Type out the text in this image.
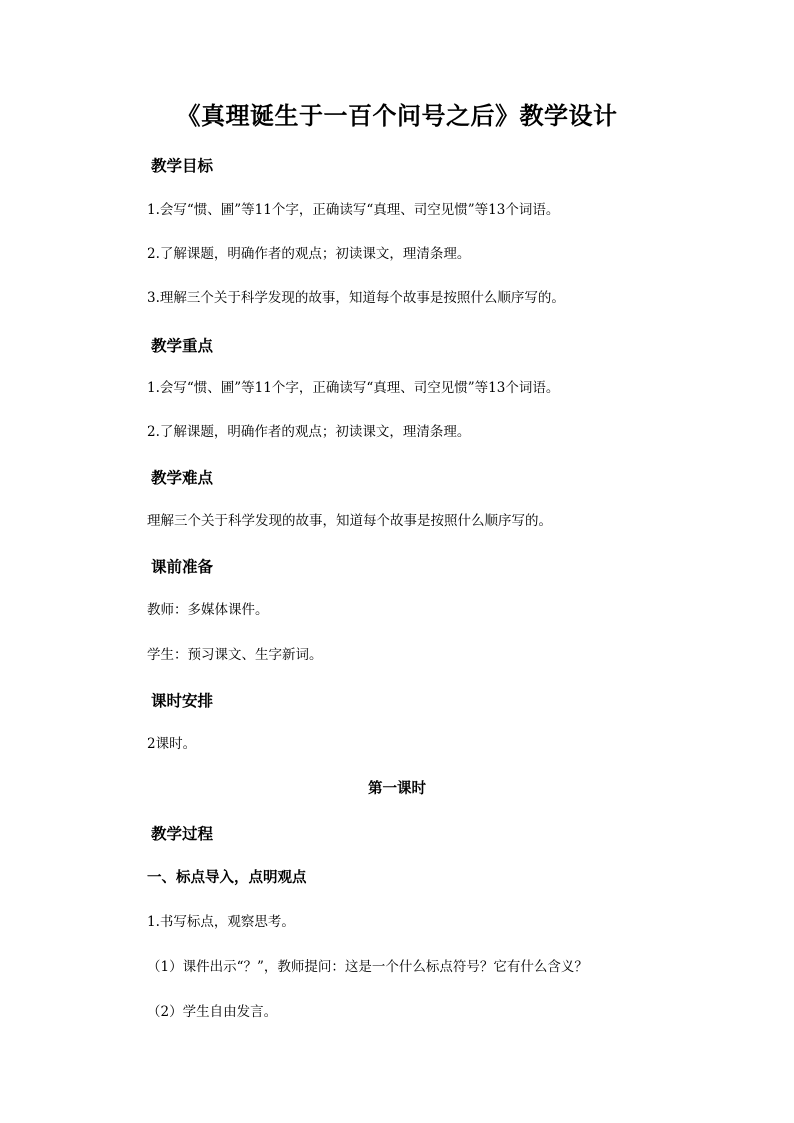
《真理诞生于一百个问号之后》教学设计
教学目标
1.会写“惯、圃”等11个字，正确读写“真理、司空见惯”等13个词语。
2.了解课题，明确作者的观点；初读课文，理清条理。
3.理解三个关于科学发现的故事，知道每个故事是按照什么顺序写的。
教学重点
1.会写“惯、圃”等11个字，正确读写“真理、司空见惯”等13个词语。
2.了解课题，明确作者的观点；初读课文，理清条理。
教学难点
理解三个关于科学发现的故事，知道每个故事是按照什么顺序写的。
课前准备
教师：多媒体课件。
学生：预习课文、生字新词。
课时安排
2课时。
第一课时
教学过程
一、标点导入，点明观点
1.书写标点，观察思考。
（1）课件出示“？”，教师提问：这是一个什么标点符号？它有什么含义？
（2）学生自由发言。
